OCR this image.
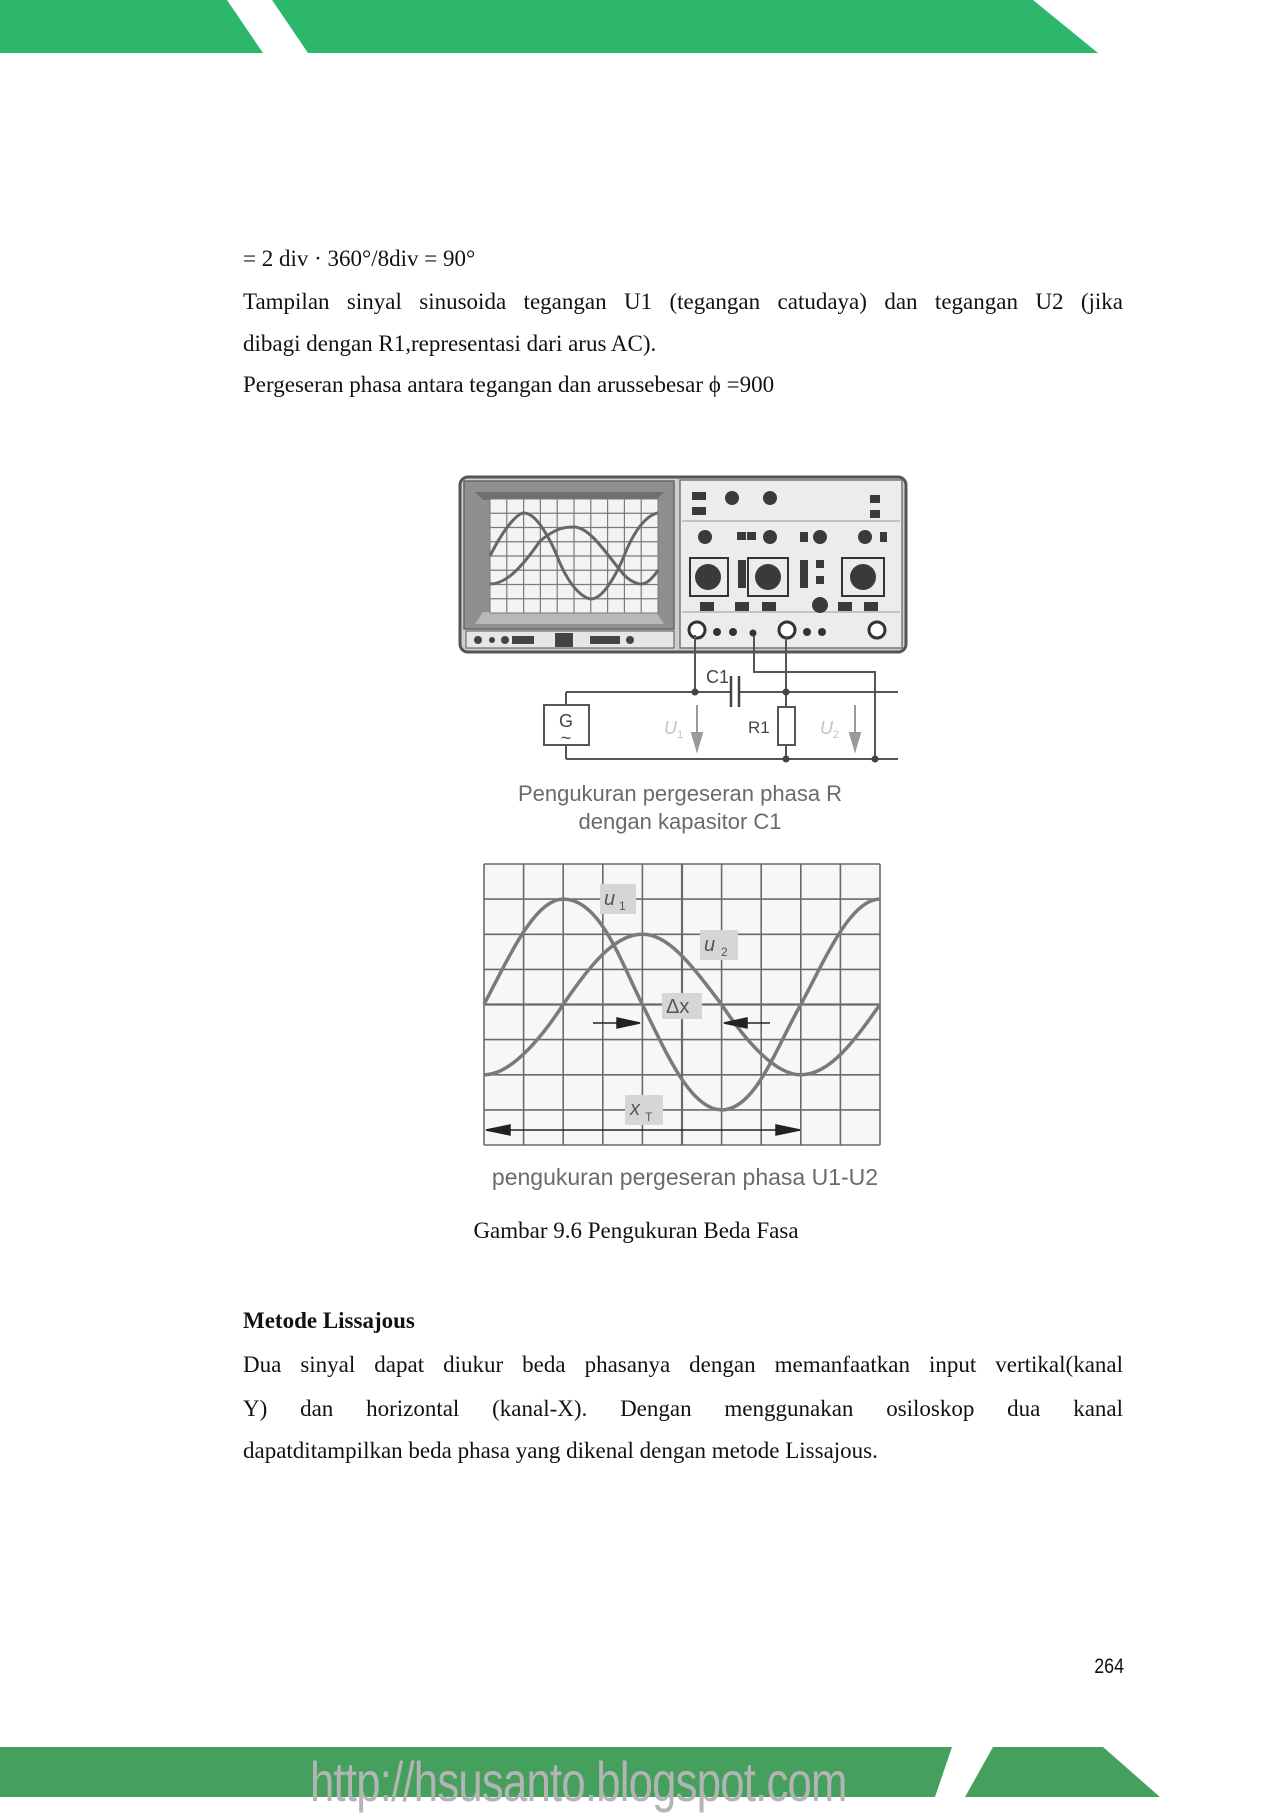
= 2 div · 360°/8div = 90°
Tampilan sinyal sinusoida tegangan U1 (tegangan catudaya) dan tegangan U2 (jika
dibagi dengan R1,representasi dari arus AC).
Pergeseran phasa antara tegangan dan arussebesar ϕ =900
G
~
C1
R1
U 1	U 2
Pengukuran pergeseran phasa R
dengan kapasitor C1
u 1
u 2
Δx
x T
pengukuran pergeseran phasa U1-U2
Gambar 9.6 Pengukuran Beda Fasa
Metode Lissajous
Dua sinyal dapat diukur beda phasanya dengan memanfaatkan input vertikal(kanal
Y) dan horizontal (kanal-X). Dengan menggunakan osiloskop dua kanal
dapatditampilkan beda phasa yang dikenal dengan metode Lissajous.
264
http://hsusanto.blogspot.com
